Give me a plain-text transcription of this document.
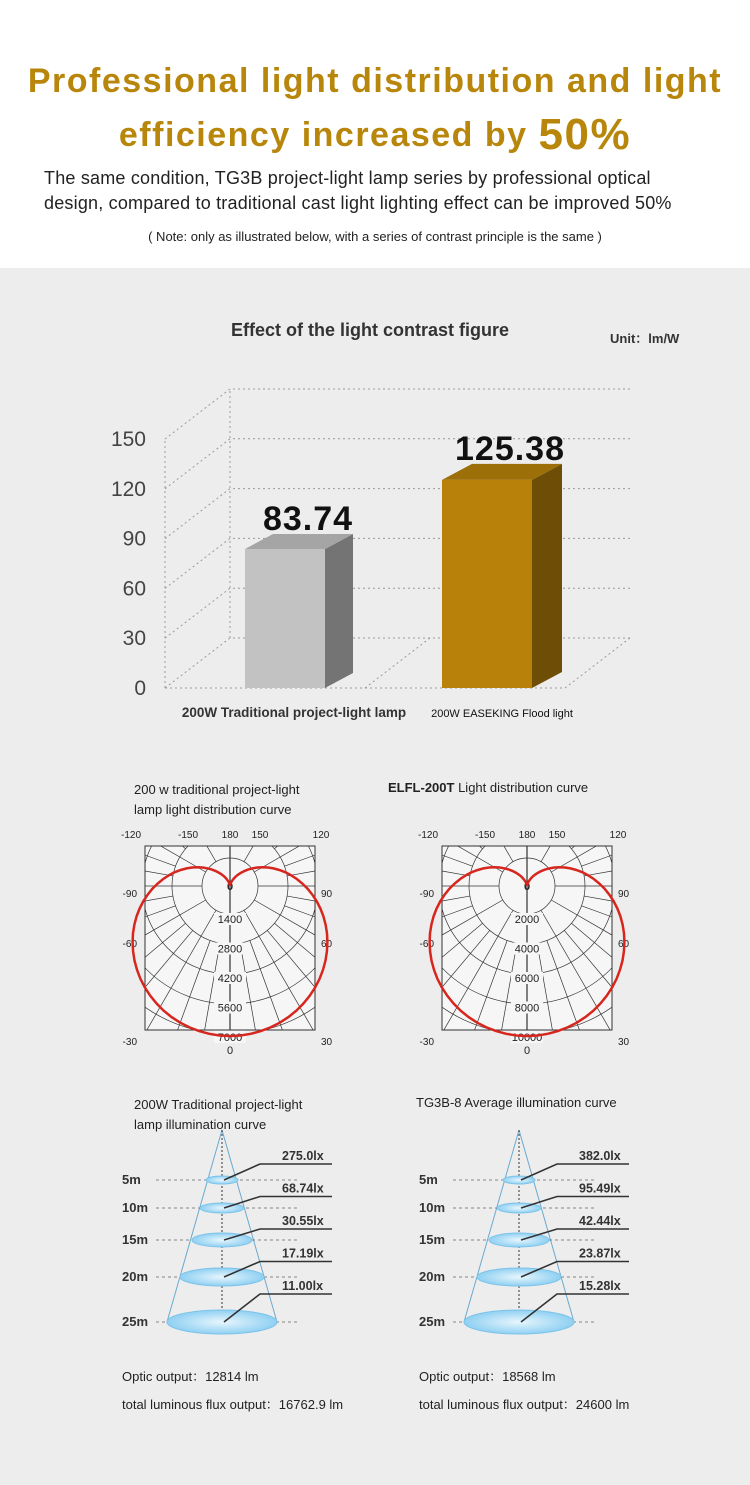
Professional light distribution and light
efficiency increased by 50%
The same condition, TG3B project-light lamp series by professional optical
design, compared to traditional cast light lighting effect can be improved 50%
( Note: only as illustrated below, with a series of contrast principle is the same )
Effect of the light contrast figure	Unit：lm/W
0
30
60
90
120
150
83.74
125.38
200W Traditional project-light lamp 200W EASEKING Flood light
200 w traditional project-light
lamp light distribution curve
ELFL-200T Light distribution curve
-120	-150 180 150	120
-90
-60
-30
90
60
30
0
0
1400
2800
4200
5600
7000
-120	-150 180 150	120
-90
-60
-30
90
60
30
0
0
2000
4000
6000
8000
10000
200W Traditional project-light
lamp illumination curve
TG3B-8 Average illumination curve
5m
275.0lx
10m
68.74lx
15m
30.55lx
20m
17.19lx
25m
11.00lx
5m
382.0lx
10m
95.49lx
15m
42.44lx
20m
23.87lx
25m
15.28lx
Optic output：12814 lm
total luminous flux output：16762.9 lm
Optic output：18568 lm
total luminous flux output：24600 lm
